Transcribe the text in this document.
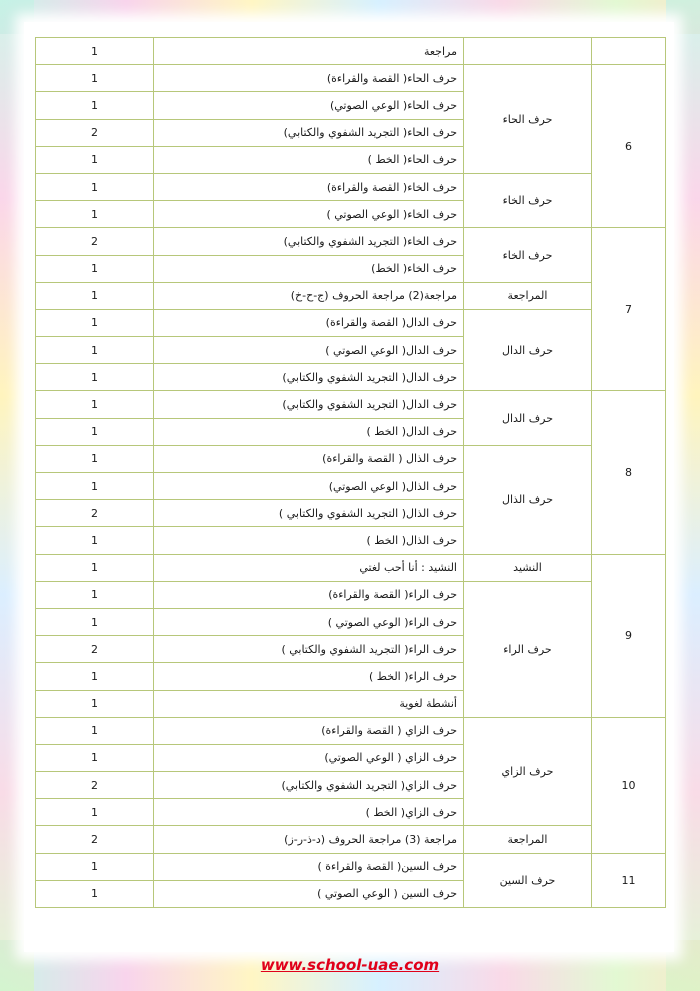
		مراجعة	1
6	حرف الحاء	حرف الحاء( القصة والقراءة)	1
		حرف الحاء( الوعي الصوتي)	1
		حرف الحاء( التجريد الشفوي والكتابي)	2
		حرف الحاء( الخط )	1
	حرف الخاء	حرف الخاء( القصة والقراءة)	1
		حرف الخاء( الوعي الصوتي )	1
7	حرف الخاء	حرف الخاء( التجريد الشفوي والكتابي)	2
		حرف الخاء( الخط)	1
	المراجعة	مراجعة(2) مراجعة الحروف (ج-ح-خ)	1
	حرف الدال	حرف الدال( القصة والقراءة)	1
		حرف الدال( الوعي الصوتي )	1
		حرف الدال( التجريد الشفوي والكتابي)	1
8	حرف الدال	حرف الدال( التجريد الشفوي والكتابي)	1
		حرف الدال( الخط )	1
	حرف الذال	حرف الذال ( القصة والقراءة)	1
		حرف الذال( الوعي الصوتي)	1
		حرف الذال( التجريد الشفوي والكتابي )	2
		حرف الذال( الخط )	1
9	النشيد	النشيد : أنا أحب لغتي	1
	حرف الراء	حرف الراء( القصة والقراءة)	1
		حرف الراء( الوعي الصوتي )	1
		حرف الراء( التجريد الشفوي والكتابي )	2
		حرف الراء( الخط )	1
		أنشطة لغوية	1
10	حرف الزاي	حرف الزاي ( القصة والقراءة)	1
		حرف الزاي ( الوعي الصوتي)	1
		حرف الزاي( التجريد الشفوي والكتابي)	2
		حرف الزاي( الخط )	1
	المراجعة	مراجعة (3) مراجعة الحروف (د-ذ-ر-ز)	2
11	حرف السين	حرف السين( القصة والقراءة )	1
		حرف السين ( الوعي الصوتي )	1
www.school-uae.com
